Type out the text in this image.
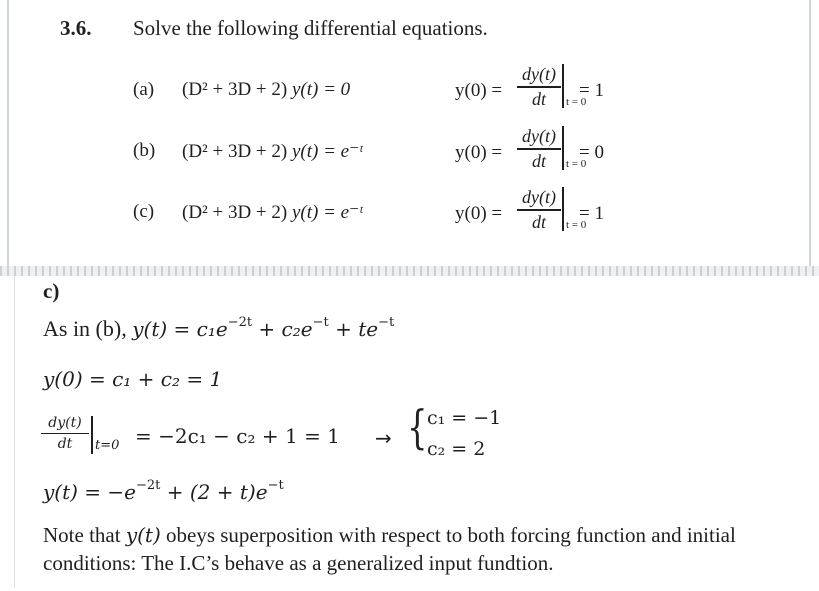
3.6. Solve the following differential equations.
(a) (D² + 3D + 2) y(t) = 0	y(0) =
dy(t)
dt	t = 0
= 1
(b) (D² + 3D + 2) y(t) = e⁻ᵗ	y(0) =
dy(t)
dt	t = 0
= 0
(c) (D² + 3D + 2) y(t) = e⁻ᵗ	y(0) =
dy(t)
dt	t = 0
= 1
c)
As in (b), $y(t) = c_1e^{-2t} + c_2e^{-t} + te^{-t}$
y(0) = c₁ + c₂ = 1
dy(t)
dt	t=0 = −2c₁ − c₂ + 1 = 1 → { c₁ = −1
c₂ = 2
$y(t) = -e^{-2t} + (2 + t)e^{-t}$
Note that y(t) obeys superposition with respect to both forcing function and initial conditions: The I.C’s behave as a generalized input fundtion.
